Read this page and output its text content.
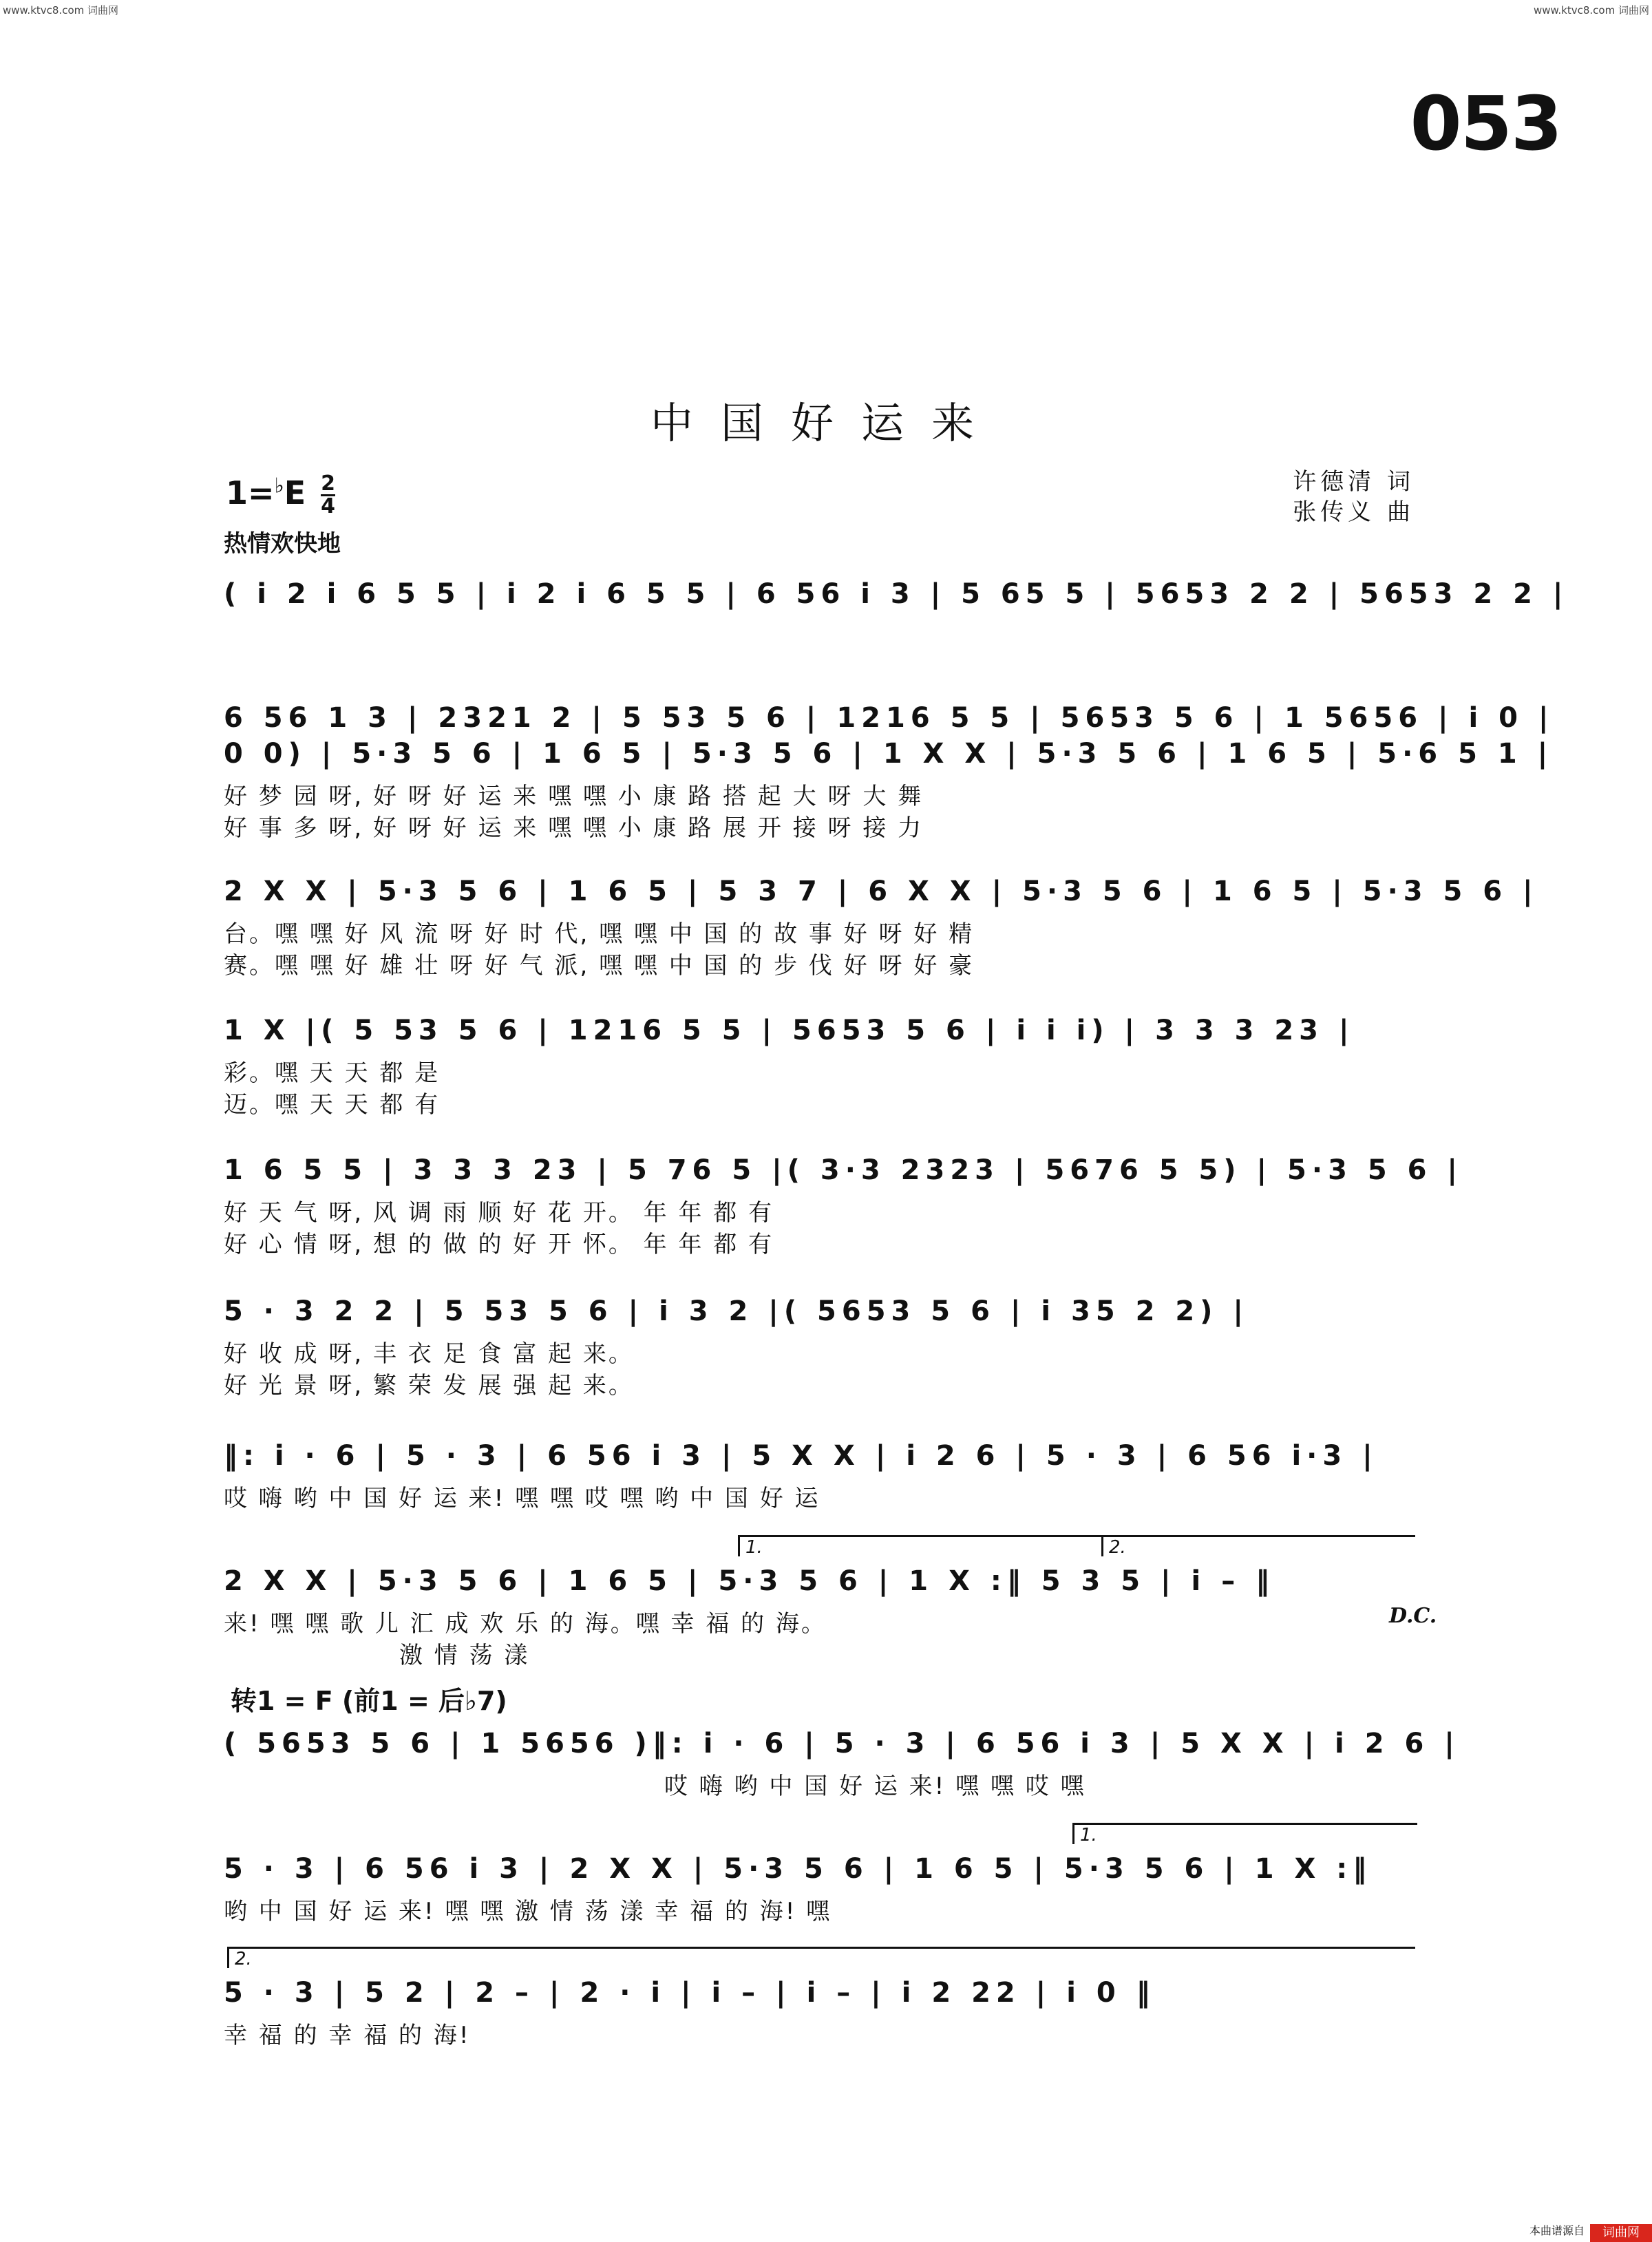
www.ktvc8.com 词曲网	www.ktvc8.com 词曲网
053
中国好运来
$1=^♭E \frac{2}{4}$
热情欢快地
许德清 词
张传义 曲
( i 2 i 6 5 5 | i 2 i 6 5 5 | 6 56 i 3 | 5 65 5 | 5653 2 2 | 5653 2 2 |
6 56 1 3 | 2321 2 | 5 53 5 6 | 1216 5 5 | 5653 5 6 | 1 5656 | i 0 |
0 0) | 5·3 5 6 | 1 6 5 | 5·3 5 6 | 1 X X | 5·3 5 6 | 1 6 5 | 5·6 5 1 |
好 梦 园 呀, 好 呀 好 运 来 嘿 嘿 小 康 路 搭 起 大 呀 大 舞
好 事 多 呀, 好 呀 好 运 来 嘿 嘿 小 康 路 展 开 接 呀 接 力
2 X X | 5·3 5 6 | 1 6 5 | 5 3 7 | 6 X X | 5·3 5 6 | 1 6 5 | 5·3 5 6 |
台。嘿 嘿 好 风 流 呀 好 时 代, 嘿 嘿 中 国 的 故 事 好 呀 好 精
赛。嘿 嘿 好 雄 壮 呀 好 气 派, 嘿 嘿 中 国 的 步 伐 好 呀 好 豪
1 X |( 5 53 5 6 | 1216 5 5 | 5653 5 6 | i i i) | 3 3 3 23 |
彩。嘿 天 天 都 是
迈。嘿 天 天 都 有
1 6 5 5 | 3 3 3 23 | 5 76 5 |( 3·3 2323 | 5676 5 5) | 5·3 5 6 |
好 天 气 呀, 风 调 雨 顺 好 花 开。 年 年 都 有
好 心 情 呀, 想 的 做 的 好 开 怀。 年 年 都 有
5 · 3 2 2 | 5 53 5 6 | i 3 2 |( 5653 5 6 | i 35 2 2) |
好 收 成 呀, 丰 衣 足 食 富 起 来。
好 光 景 呀, 繁 荣 发 展 强 起 来。
‖: i · 6 | 5 · 3 | 6 56 i 3 | 5 X X | i 2 6 | 5 · 3 | 6 56 i·3 |
哎 嗨 哟 中 国 好 运 来! 嘿 嘿 哎 嘿 哟 中 国 好 运
1.	2.
2 X X | 5·3 5 6 | 1 6 5 | 5·3 5 6 | 1 X :‖ 5 3 5 | i – ‖
来! 嘿 嘿 歌 儿 汇 成 欢 乐 的 海。嘿 幸 福 的 海。
激 情 荡 漾
D.C.
转1 = F (前1 = 后♭7)
( 5653 5 6 | 1 5656 )‖: i · 6 | 5 · 3 | 6 56 i 3 | 5 X X | i 2 6 |
哎 嗨 哟 中 国 好 运 来! 嘿 嘿 哎 嘿
1.
5 · 3 | 6 56 i 3 | 2 X X | 5·3 5 6 | 1 6 5 | 5·3 5 6 | 1 X :‖
哟 中 国 好 运 来! 嘿 嘿 激 情 荡 漾 幸 福 的 海! 嘿
2.
5 · 3 | 5 2 | 2 – | 2 · i | i – | i – | i 2 22 | i 0 ‖
幸 福 的 幸 福 的 海!
本曲谱源自	词曲网
